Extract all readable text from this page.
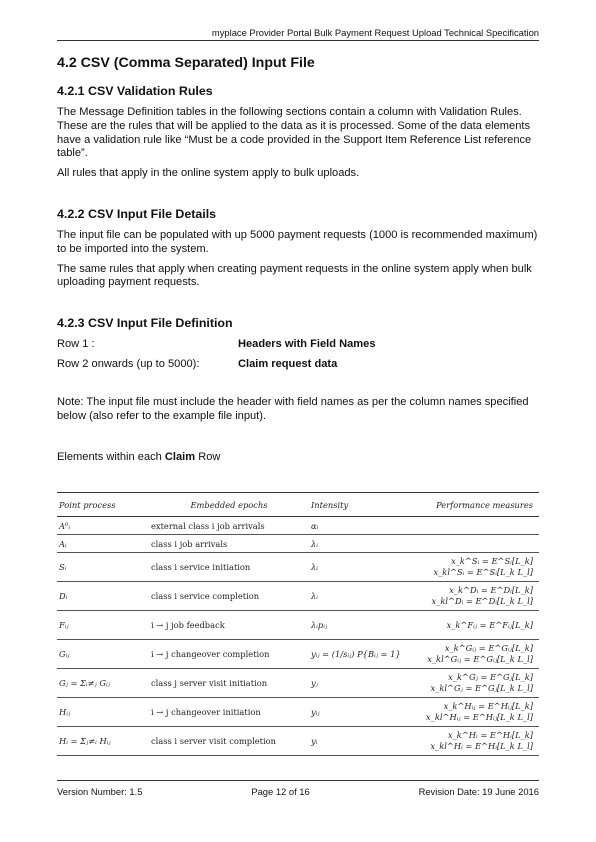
myplace Provider Portal Bulk Payment Request Upload Technical Specification
4.2 CSV (Comma Separated) Input File
4.2.1 CSV Validation Rules

The Message Definition tables in the following sections contain a column with Validation Rules. These are the rules that will be applied to the data as it is processed. Some of the data elements have a validation rule like “Must be a code provided in the Support Item Reference List reference table”.

All rules that apply in the online system apply to bulk uploads.

4.2.2 CSV Input File Details

The input file can be populated with up 5000 payment requests (1000 is recommended maximum) to be imported into the system.

The same rules that apply when creating payment requests in the online system apply when bulk uploading payment requests.

4.2.3 CSV Input File Definition
Row 1 :	Headers with Field Names
Row 2 onwards (up to 5000):	Claim request data

Note: The input file must include the header with field names as per the column names specified below (also refer to the example file input).

Elements within each Claim Row

Point process	Embedded epochs	Intensity	Performance measures
A⁰ᵢ	external class i job arrivals	αᵢ	
Aᵢ	class i job arrivals	λᵢ	
Sᵢ	class i service initiation	λᵢ	x_k^Sᵢ = E^Sᵢ[L_k]
x_kl^Sᵢ = E^Sᵢ[L_k L_l]

Dᵢ	class i service completion	λᵢ	x_k^Dᵢ = E^Dᵢ[L_k]
x_kl^Dᵢ = E^Dᵢ[L_k L_l]

Fᵢⱼ	i → j job feedback	λᵢpᵢⱼ	x_k^Fᵢⱼ = E^Fᵢⱼ[L_k]

Gᵢⱼ	i → j changeover completion	yᵢⱼ = (1/sᵢⱼ) P{Bᵢⱼ = 1}	x_k^Gᵢⱼ = E^Gᵢⱼ[L_k]
x_kl^Gᵢⱼ = E^Gᵢⱼ[L_k L_l]

Gⱼ = Σᵢ≠ⱼ Gᵢⱼ	class j server visit initiation	yⱼ	x_k^Gⱼ = E^Gⱼ[L_k]
x_kl^Gⱼ = E^Gⱼ[L_k L_l]

Hᵢⱼ	i → j changeover initiation	yᵢⱼ	x_k^Hᵢⱼ = E^Hᵢⱼ[L_k]
x_kl^Hᵢⱼ = E^Hᵢⱼ[L_k L_l]

Hᵢ = Σⱼ≠ᵢ Hᵢⱼ	class i server visit completion	yᵢ	x_k^Hᵢ = E^Hᵢ[L_k]
x_kl^Hᵢ = E^Hᵢ[L_k L_l]
Version Number: 1.5	Page 12 of 16	Revision Date: 19 June 2016
